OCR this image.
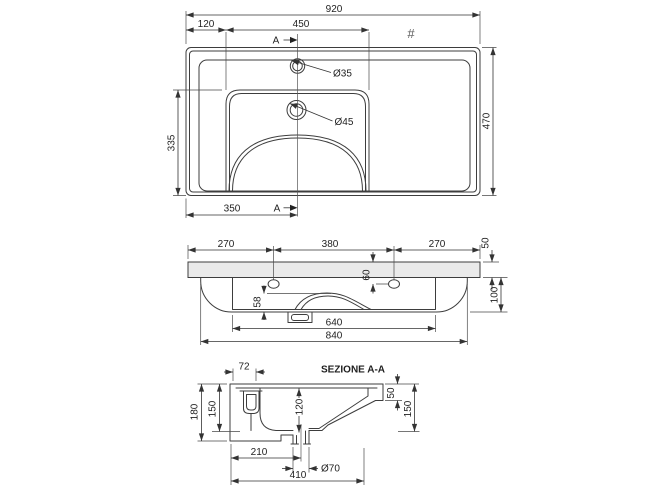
920
120	450
335
470
350
A
A
Ø35
Ø45
#
270	380	270	50
100
60
58
640
840
SEZIONE A-A
72
180 150	120
50
150
210
Ø70
410
